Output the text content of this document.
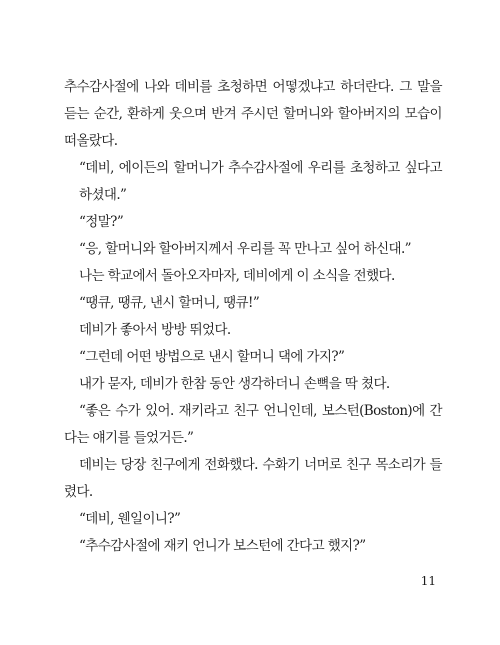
추수감사절에 나와 데비를 초청하면 어떻겠냐고 하더란다. 그 말을 듣는 순간, 환하게 웃으며 반겨 주시던 할머니와 할아버지의 모습이 떠올랐다.

“데비, 에이든의 할머니가 추수감사절에 우리를 초청하고 싶다고 하셨대.”

“정말?”

“응, 할머니와 할아버지께서 우리를 꼭 만나고 싶어 하신대.”

나는 학교에서 돌아오자마자, 데비에게 이 소식을 전했다.

“땡큐, 땡큐, 낸시 할머니, 땡큐!”

데비가 좋아서 방방 뛰었다.

“그런데 어떤 방법으로 낸시 할머니 댁에 가지?”

내가 묻자, 데비가 한참 동안 생각하더니 손뼉을 딱 쳤다.

“좋은 수가 있어. 재키라고 친구 언니인데, 보스턴(Boston)에 간다는 얘기를 들었거든.”

데비는 당장 친구에게 전화했다. 수화기 너머로 친구 목소리가 들렸다.

“데비, 웬일이니?”

“추수감사절에 재키 언니가 보스턴에 간다고 했지?”

11
